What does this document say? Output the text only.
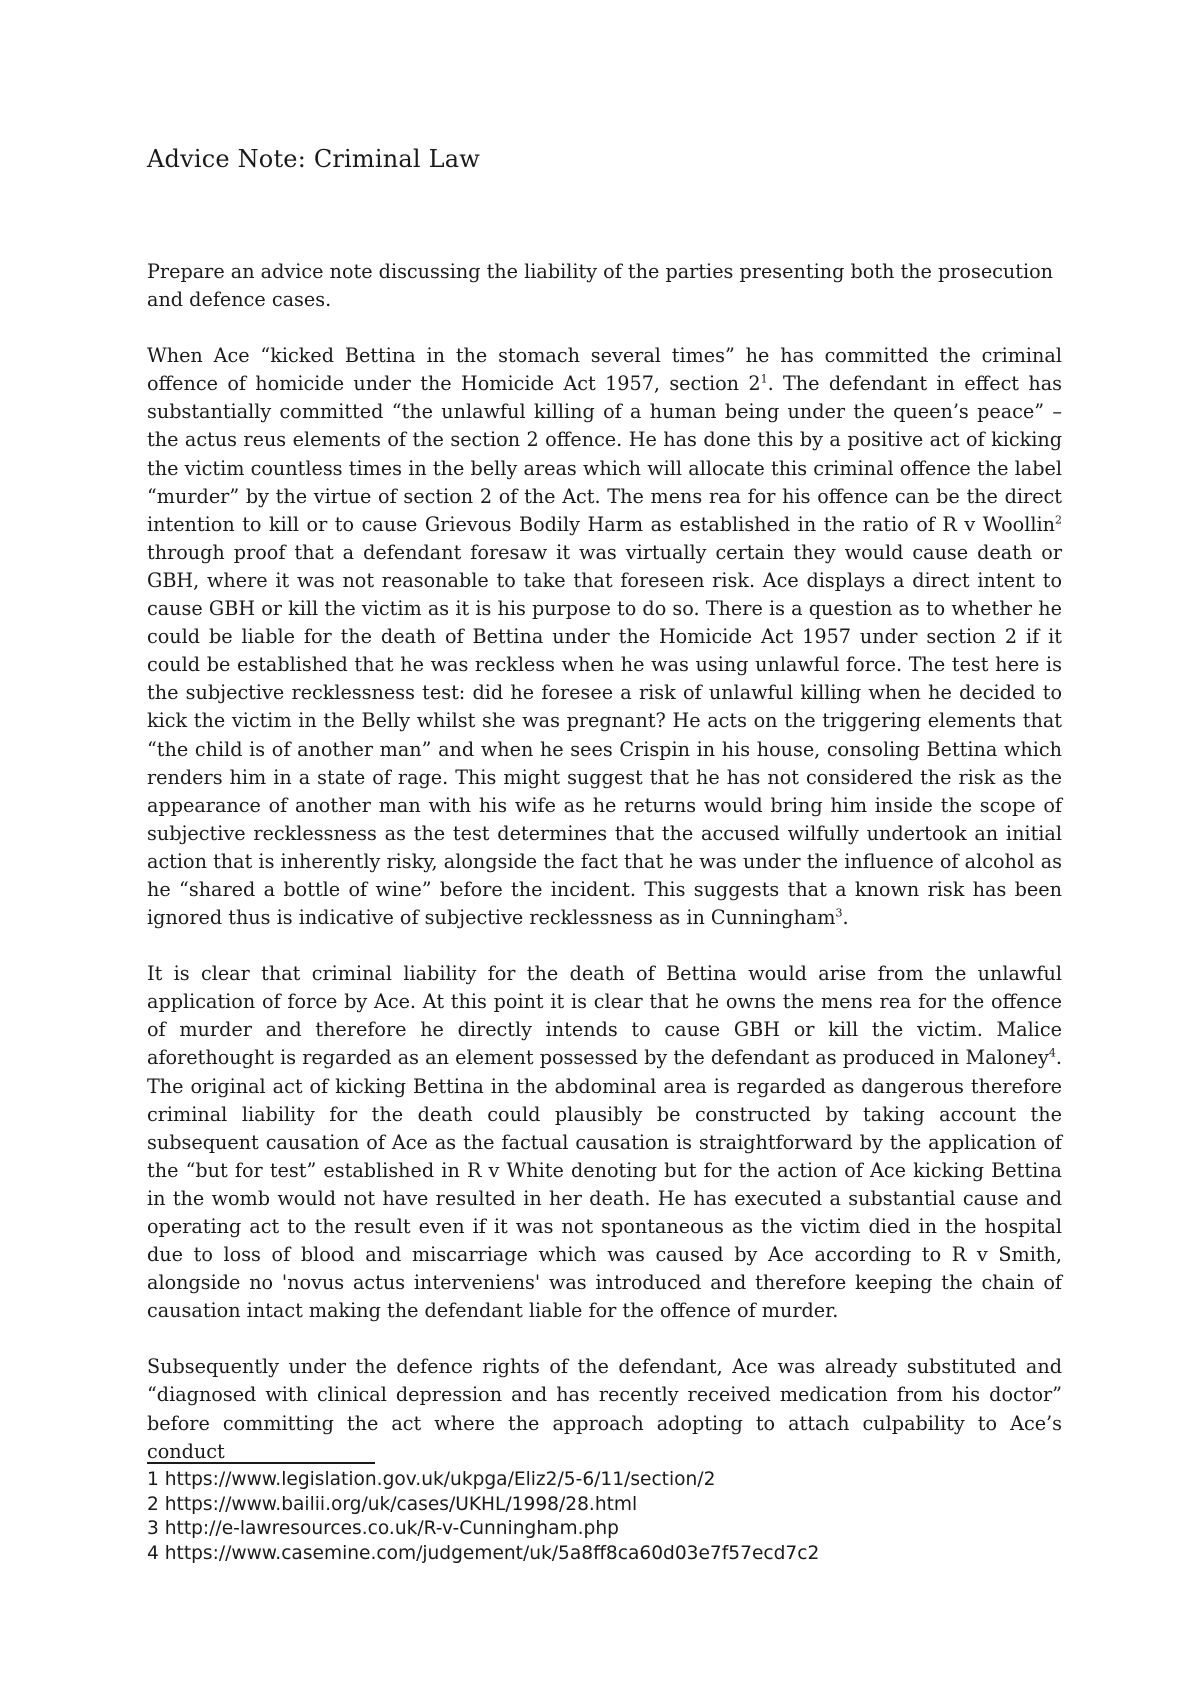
Advice Note: Criminal Law

Prepare an advice note discussing the liability of the parties presenting both the prosecution and defence cases.

When Ace “kicked Bettina in the stomach several times” he has committed the criminal offence of homicide under the Homicide Act 1957, section 2$^1$. The defendant in effect has substantially committed “the unlawful killing of a human being under the queen’s peace” – the actus reus elements of the section 2 offence. He has done this by a positive act of kicking the victim countless times in the belly areas which will allocate this criminal offence the label “murder” by the virtue of section 2 of the Act. The mens rea for his offence can be the direct intention to kill or to cause Grievous Bodily Harm as established in the ratio of R v Woollin$^2$ through proof that a defendant foresaw it was virtually certain they would cause death or GBH, where it was not reasonable to take that foreseen risk. Ace displays a direct intent to cause GBH or kill the victim as it is his purpose to do so. There is a question as to whether he could be liable for the death of Bettina under the Homicide Act 1957 under section 2 if it could be established that he was reckless when he was using unlawful force. The test here is the subjective recklessness test: did he foresee a risk of unlawful killing when he decided to kick the victim in the Belly whilst she was pregnant? He acts on the triggering elements that “the child is of another man” and when he sees Crispin in his house, consoling Bettina which renders him in a state of rage. This might suggest that he has not considered the risk as the appearance of another man with his wife as he returns would bring him inside the scope of subjective recklessness as the test determines that the accused wilfully undertook an initial action that is inherently risky, alongside the fact that he was under the influence of alcohol as he “shared a bottle of wine” before the incident. This suggests that a known risk has been ignored thus is indicative of subjective recklessness as in Cunningham$^3$.

It is clear that criminal liability for the death of Bettina would arise from the unlawful application of force by Ace. At this point it is clear that he owns the mens rea for the offence of murder and therefore he directly intends to cause GBH or kill the victim. Malice aforethought is regarded as an element possessed by the defendant as produced in Maloney$^4$. The original act of kicking Bettina in the abdominal area is regarded as dangerous therefore criminal liability for the death could plausibly be constructed by taking account the subsequent causation of Ace as the factual causation is straightforward by the application of the “but for test” established in R v White denoting but for the action of Ace kicking Bettina in the womb would not have resulted in her death. He has executed a substantial cause and operating act to the result even if it was not spontaneous as the victim died in the hospital due to loss of blood and miscarriage which was caused by Ace according to R v Smith, alongside no 'novus actus interveniens' was introduced and therefore keeping the chain of causation intact making the defendant liable for the offence of murder.

Subsequently under the defence rights of the defendant, Ace was already substituted and “diagnosed with clinical depression and has recently received medication from his doctor” before committing the act where the approach adopting to attach culpability to Ace’s conduct

1 https://www.legislation.gov.uk/ukpga/Eliz2/5-6/11/section/2
2 https://www.bailii.org/uk/cases/UKHL/1998/28.html
3 http://e-lawresources.co.uk/R-v-Cunningham.php
4 https://www.casemine.com/judgement/uk/5a8ff8ca60d03e7f57ecd7c2
